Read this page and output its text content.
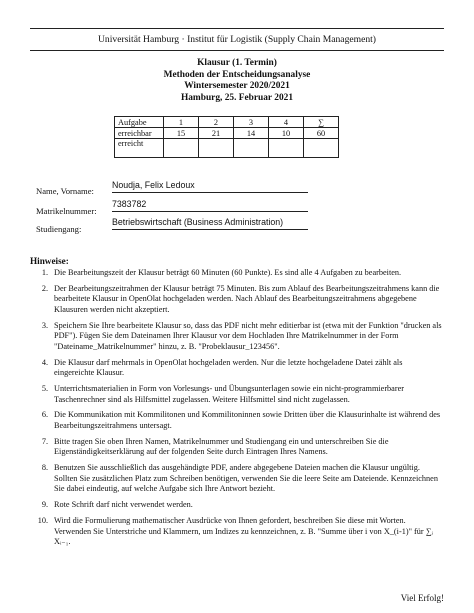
Universität Hamburg · Institut für Logistik (Supply Chain Management)
Klausur (1. Termin)
Methoden der Entscheidungsanalyse
Wintersemester 2020/2021
Hamburg, 25. Februar 2021
Aufgabe	1	2	3	4	∑
erreichbar	15	21	14	10	60
erreicht					
Name, Vorname:
Noudja, Felix Ledoux
Matrikelnummer:
7383782
Studiengang:
Betriebswirtschaft (Business Administration)
Hinweise:
1. Die Bearbeitungszeit der Klausur beträgt 60 Minuten (60 Punkte). Es sind alle 4 Aufgaben zu bearbeiten.
2. Der Bearbeitungszeitrahmen der Klausur beträgt 75 Minuten. Bis zum Ablauf des Bearbeitungszeitrahmens kann die bearbeitete Klausur in OpenOlat hochgeladen werden. Nach Ablauf des Bearbeitungszeitrahmens abgegebene Klausuren werden nicht akzeptiert.
3. Speichern Sie Ihre bearbeitete Klausur so, dass das PDF nicht mehr editierbar ist (etwa mit der Funktion "drucken als PDF"). Fügen Sie dem Dateinamen Ihrer Klausur vor dem Hochladen Ihre Matrikelnummer in der Form "Dateiname_Matrikelnummer" hinzu, z. B. "Probeklausur_123456".
4. Die Klausur darf mehrmals in OpenOlat hochgeladen werden. Nur die letzte hochgeladene Datei zählt als eingereichte Klausur.
5. Unterrichtsmaterialien in Form von Vorlesungs- und Übungsunterlagen sowie ein nicht-programmierbarer Taschenrechner sind als Hilfsmittel zugelassen. Weitere Hilfsmittel sind nicht zugelassen.
6. Die Kommunikation mit Kommilitonen und Kommilitoninnen sowie Dritten über die Klausurinhalte ist während des Bearbeitungszeitrahmens untersagt.
7. Bitte tragen Sie oben Ihren Namen, Matrikelnummer und Studiengang ein und unterschreiben Sie die Eigenständigkeitserklärung auf der folgenden Seite durch Eintragen Ihres Namens.
8. Benutzen Sie ausschließlich das ausgehändigte PDF, andere abgegebene Dateien machen die Klausur ungültig. Sollten Sie zusätzlichen Platz zum Schreiben benötigen, verwenden Sie die leere Seite am Dateiende. Kennzeichnen Sie dabei eindeutig, auf welche Aufgabe sich Ihre Antwort bezieht.
9. Rote Schrift darf nicht verwendet werden.
10. Wird die Formulierung mathematischer Ausdrücke von Ihnen gefordert, beschreiben Sie diese mit Worten. Verwenden Sie Unterstriche und Klammern, um Indizes zu kennzeichnen, z. B. "Summe über i von X_(i-1)" für ∑ᵢ Xᵢ₋₁.
Viel Erfolg!
